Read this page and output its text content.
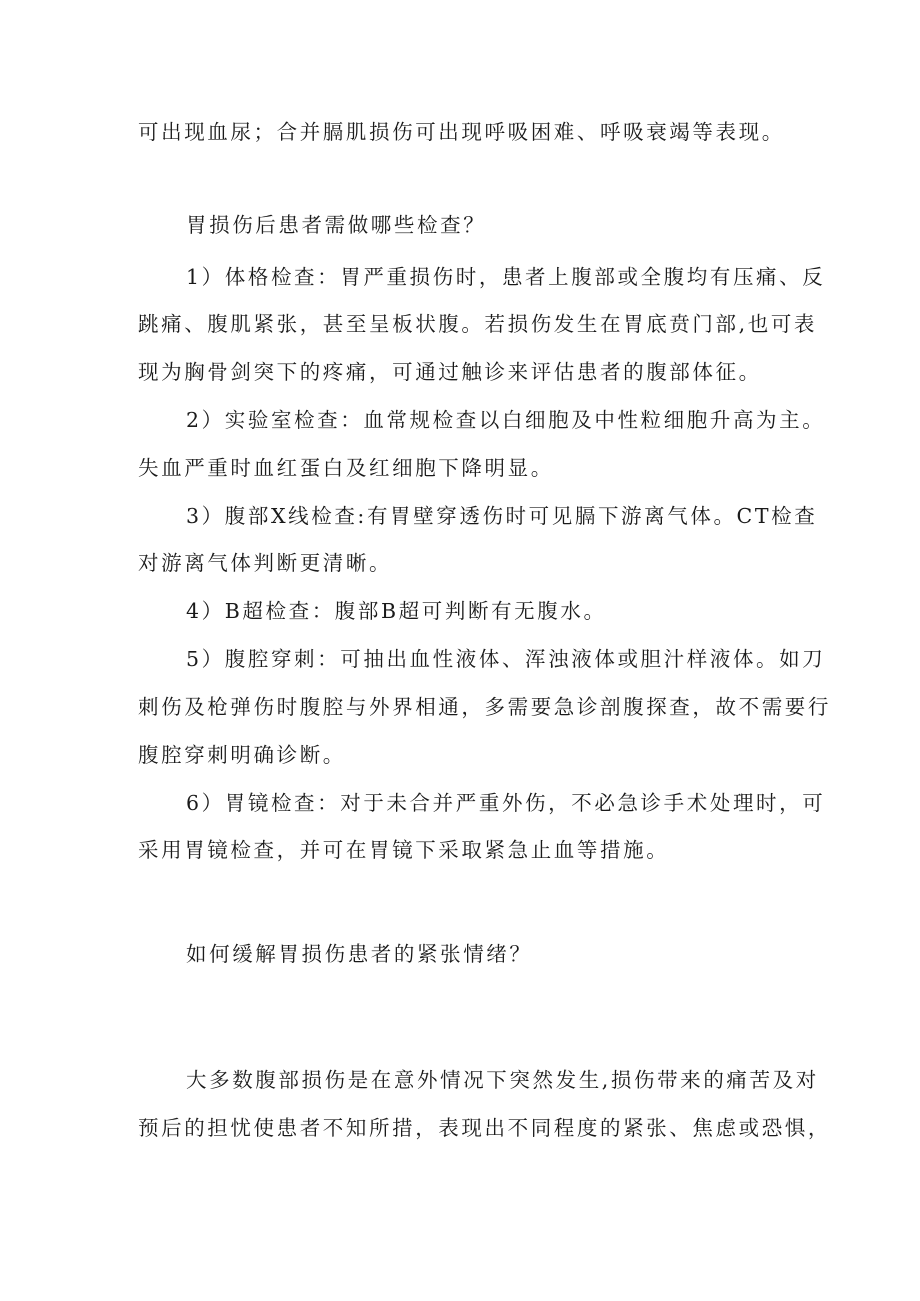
可出现血尿；合并膈肌损伤可出现呼吸困难、呼吸衰竭等表现。
胃损伤后患者需做哪些检查？
1）体格检查：胃严重损伤时，患者上腹部或全腹均有压痛、反
跳痛、腹肌紧张，甚至呈板状腹。若损伤发生在胃底贲门部,也可表
现为胸骨剑突下的疼痛，可通过触诊来评估患者的腹部体征。
2）实验室检查：血常规检查以白细胞及中性粒细胞升高为主。
失血严重时血红蛋白及红细胞下降明显。
3）腹部X线检查:有胃壁穿透伤时可见膈下游离气体。CT检查
对游离气体判断更清晰。
4）B超检查：腹部B超可判断有无腹水。
5）腹腔穿刺：可抽出血性液体、浑浊液体或胆汁样液体。如刀
刺伤及枪弹伤时腹腔与外界相通，多需要急诊剖腹探查，故不需要行
腹腔穿刺明确诊断。
6）胃镜检查：对于未合并严重外伤，不必急诊手术处理时，可
采用胃镜检查，并可在胃镜下采取紧急止血等措施。
如何缓解胃损伤患者的紧张情绪？
大多数腹部损伤是在意外情况下突然发生,损伤带来的痛苦及对
预后的担忧使患者不知所措，表现出不同程度的紧张、焦虑或恐惧，
